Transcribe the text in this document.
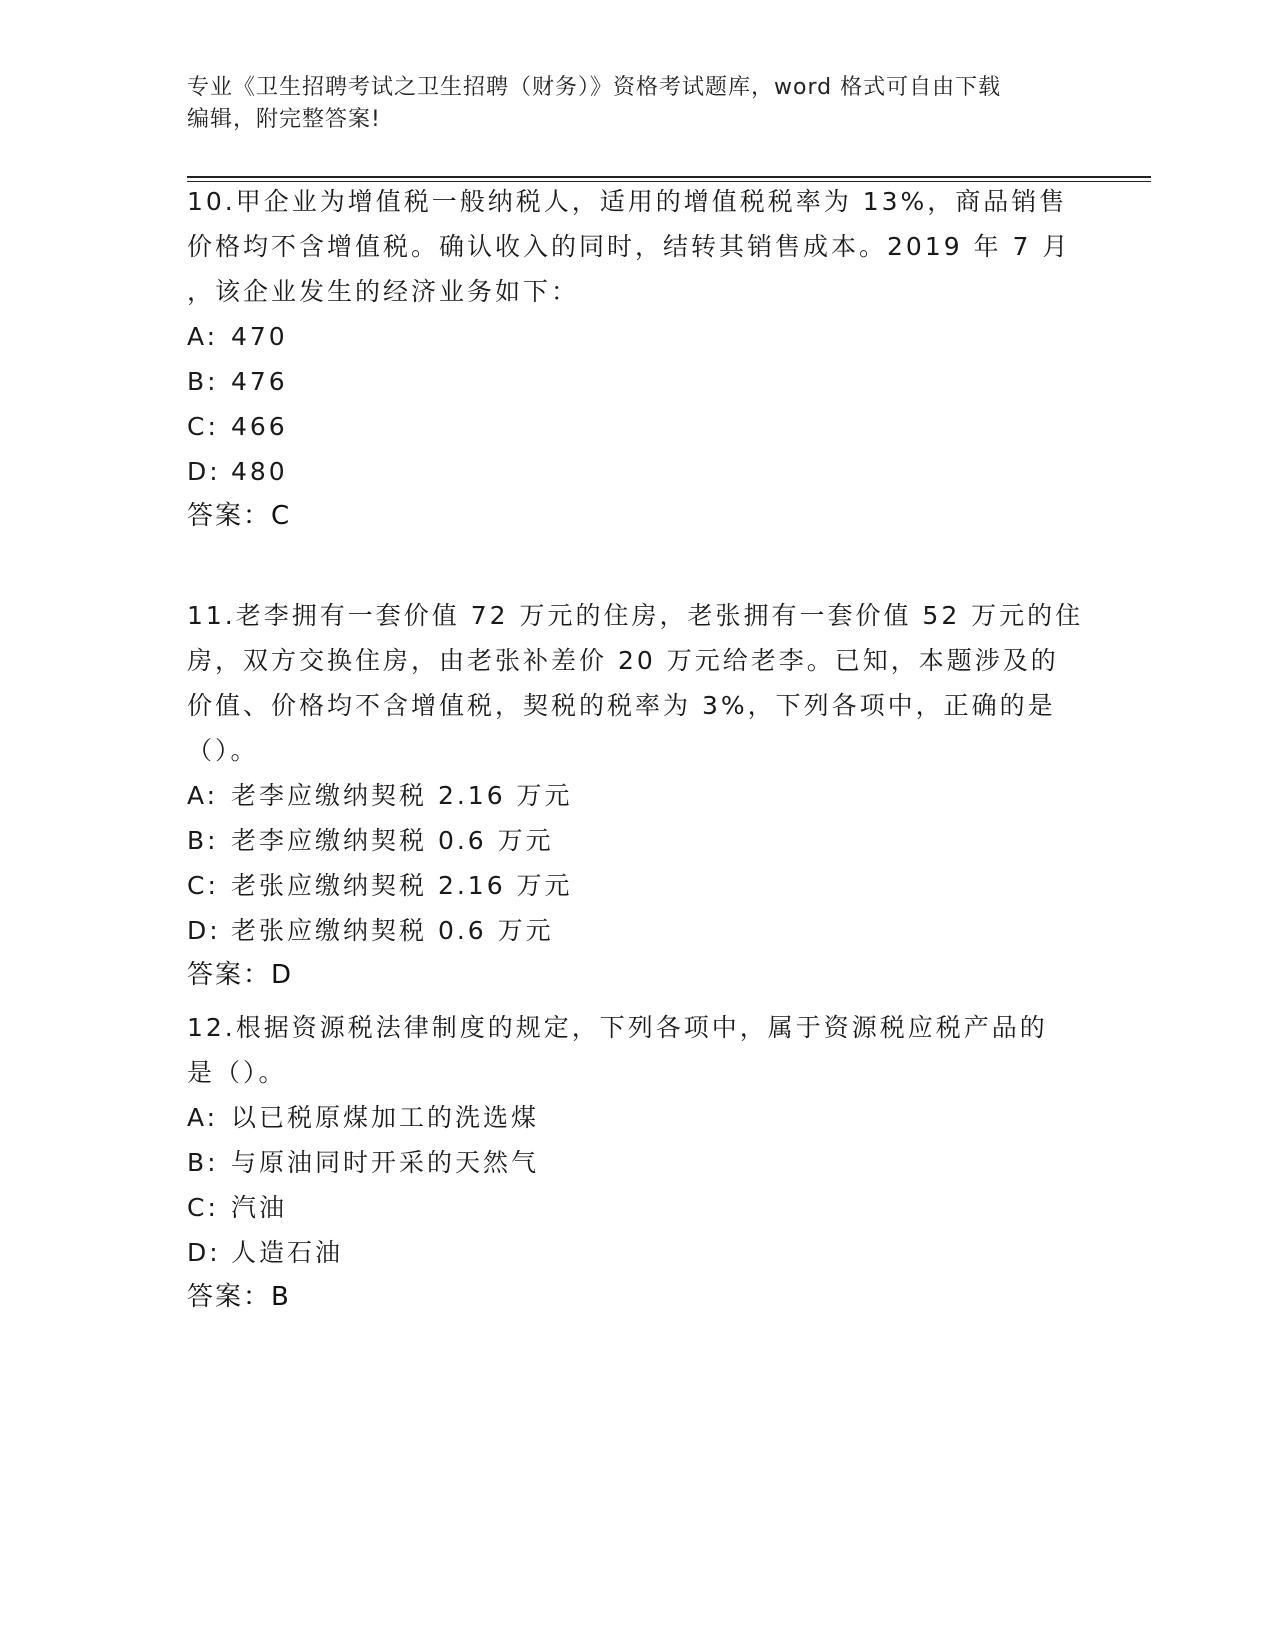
专业《卫生招聘考试之卫生招聘（财务）》资格考试题库，word 格式可自由下载
编辑，附完整答案!
10.甲企业为增值税一般纳税人，适用的增值税税率为 13%，商品销售
价格均不含增值税。确认收入的同时，结转其销售成本。2019 年 7 月
，该企业发生的经济业务如下：
A: 470
B: 476
C: 466
D: 480
答案：C
11.老李拥有一套价值 72 万元的住房，老张拥有一套价值 52 万元的住
房，双方交换住房，由老张补差价 20 万元给老李。已知，本题涉及的
价值、价格均不含增值税，契税的税率为 3%，下列各项中，正确的是
（）。
A: 老李应缴纳契税 2.16 万元
B: 老李应缴纳契税 0.6 万元
C: 老张应缴纳契税 2.16 万元
D: 老张应缴纳契税 0.6 万元
答案：D
12.根据资源税法律制度的规定，下列各项中，属于资源税应税产品的
是（）。
A: 以已税原煤加工的洗选煤
B: 与原油同时开采的天然气
C: 汽油
D: 人造石油
答案：B
